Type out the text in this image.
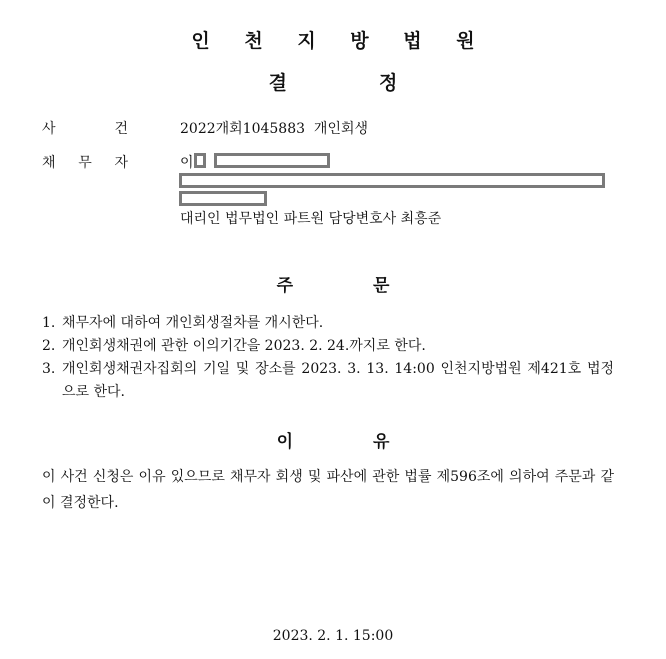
인 천 지 방 법 원
결	정
사	건	2022개회1045883  개인회생
채 무 자	이
대리인 법무법인 파트원 담당변호사 최흥준
주	문
1. 채무자에 대하여 개인회생절차를 개시한다.
2. 개인회생채권에 관한 이의기간을 2023. 2. 24.까지로 한다.
3. 개인회생채권자집회의 기일 및 장소를 2023. 3. 13. 14:00 인천지방법원 제421호 법정으로 한다.
이	유
이 사건 신청은 이유 있으므로 채무자 회생 및 파산에 관한 법률 제596조에 의하여 주문과 같이 결정한다.
2023. 2. 1. 15:00
